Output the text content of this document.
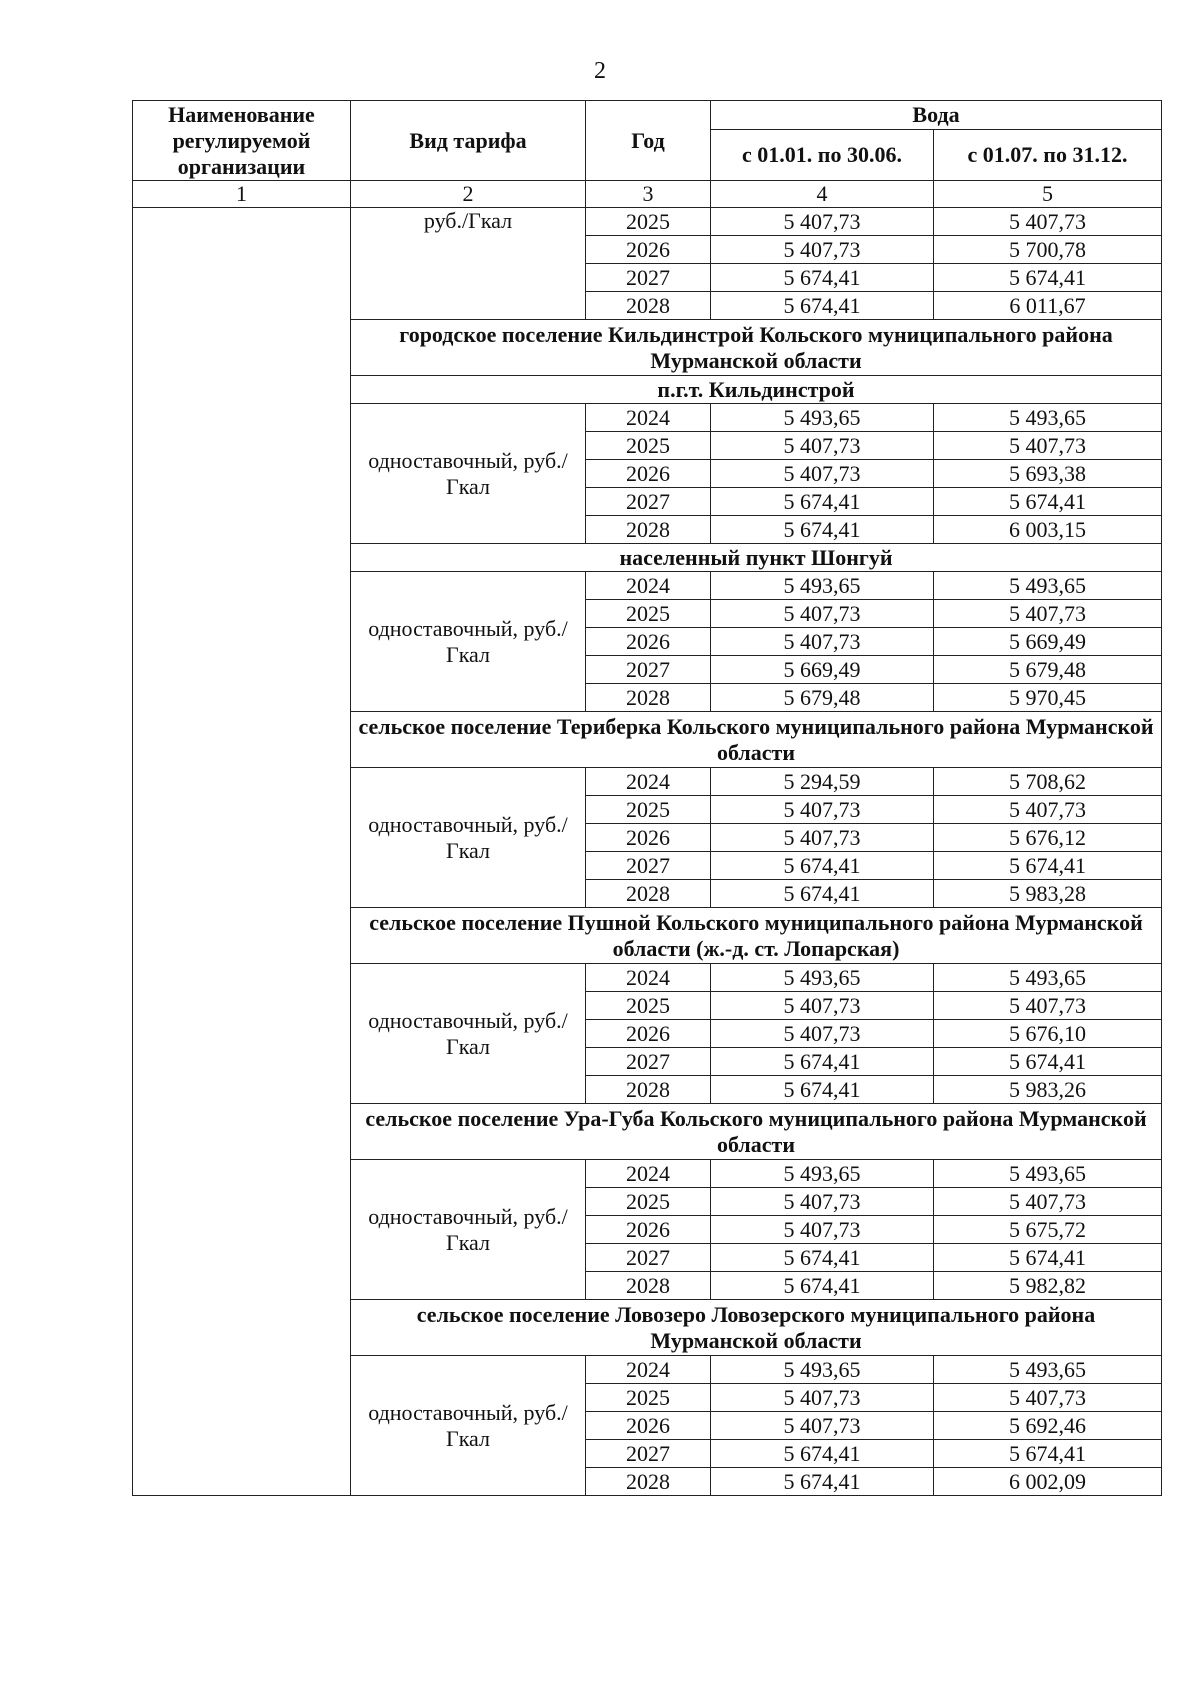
2
Наименование регулируемой организации	Вид тарифа	Год	Вода	
			с 01.01. по 30.06.	с 01.07. по 31.12.
1	2	3	4	5
	руб./Гкал	2025	5 407,73	5 407,73
		2026	5 407,73	5 700,78
		2027	5 674,41	5 674,41
		2028	5 674,41	6 011,67
	городское поселение Кильдинстрой Кольского муниципального района Мурманской области			
	п.г.т. Кильдинстрой			
	одноставочный, руб./Гкал	2024	5 493,65	5 493,65
		2025	5 407,73	5 407,73
		2026	5 407,73	5 693,38
		2027	5 674,41	5 674,41
		2028	5 674,41	6 003,15
	населенный пункт Шонгуй			
	одноставочный, руб./Гкал	2024	5 493,65	5 493,65
		2025	5 407,73	5 407,73
		2026	5 407,73	5 669,49
		2027	5 669,49	5 679,48
		2028	5 679,48	5 970,45
	сельское поселение Териберка Кольского муниципального района Мурманской области			
	одноставочный, руб./Гкал	2024	5 294,59	5 708,62
		2025	5 407,73	5 407,73
		2026	5 407,73	5 676,12
		2027	5 674,41	5 674,41
		2028	5 674,41	5 983,28
	сельское поселение Пушной Кольского муниципального района Мурманской области (ж.-д. ст. Лопарская)			
	одноставочный, руб./Гкал	2024	5 493,65	5 493,65
		2025	5 407,73	5 407,73
		2026	5 407,73	5 676,10
		2027	5 674,41	5 674,41
		2028	5 674,41	5 983,26
	сельское поселение Ура-Губа Кольского муниципального района Мурманской области			
	одноставочный, руб./Гкал	2024	5 493,65	5 493,65
		2025	5 407,73	5 407,73
		2026	5 407,73	5 675,72
		2027	5 674,41	5 674,41
		2028	5 674,41	5 982,82
	сельское поселение Ловозеро Ловозерского муниципального района Мурманской области			
	одноставочный, руб./Гкал	2024	5 493,65	5 493,65
		2025	5 407,73	5 407,73
		2026	5 407,73	5 692,46
		2027	5 674,41	5 674,41
		2028	5 674,41	6 002,09
